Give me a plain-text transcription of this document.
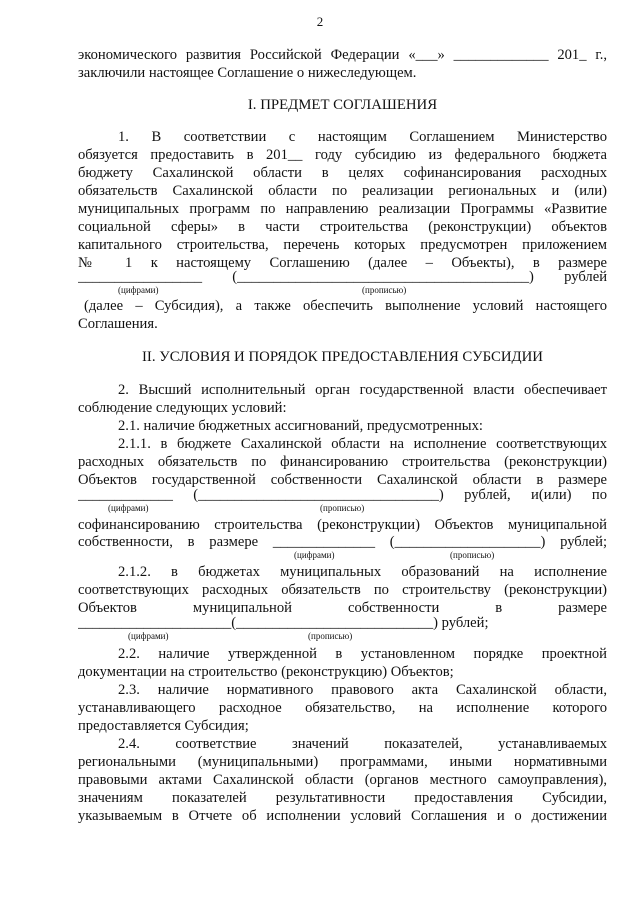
2
экономического развития Российской Федерации «___» _____________ 201_ г.,
заключили настоящее Соглашение о нижеследующем.
I. ПРЕДМЕТ СОГЛАШЕНИЯ
1. В соответствии с настоящим Соглашением Министерство
обязуется предоставить в 201__ году субсидию из федерального бюджета
бюджету Сахалинской области в целях софинансирования расходных
обязательств Сахалинской области по реализации региональных и (или)
муниципальных программ по направлению реализации Программы «Развитие
социальной сферы» в части строительства (реконструкции) объектов
капитального строительства, перечень которых предусмотрен приложением
№ 1 к настоящему Соглашению (далее – Объекты), в размере
_________________ (________________________________________) рублей
(цифрами)	(прописью)
(далее – Субсидия), а также обеспечить выполнение условий настоящего
Соглашения.
II. УСЛОВИЯ И ПОРЯДОК ПРЕДОСТАВЛЕНИЯ СУБСИДИИ
2. Высший исполнительный орган государственной власти обеспечивает
соблюдение следующих условий:
2.1. наличие бюджетных ассигнований, предусмотренных:
2.1.1. в бюджете Сахалинской области на исполнение соответствующих
расходных обязательств по финансированию строительства (реконструкции)
Объектов государственной собственности Сахалинской области в размере
_____________ (_________________________________) рублей, и(или) по
(цифрами)	(прописью)
софинансированию строительства (реконструкции) Объектов муниципальной
собственности, в размере ______________ (____________________) рублей;
(цифрами)	(прописью)
2.1.2. в бюджетах муниципальных образований на исполнение
соответствующих расходных обязательств по строительству (реконструкции)
Объектов муниципальной собственности в размере
_____________________(___________________________) рублей;
(цифрами)	(прописью)
2.2. наличие утвержденной в установленном порядке проектной
документации на строительство (реконструкцию) Объектов;
2.3. наличие нормативного правового акта Сахалинской области,
устанавливающего расходное обязательство, на исполнение которого
предоставляется Субсидия;
2.4. соответствие значений показателей, устанавливаемых
региональными (муниципальными) программами, иными нормативными
правовыми актами Сахалинской области (органов местного самоуправления),
значениям показателей результативности предоставления Субсидии,
указываемым в Отчете об исполнении условий Соглашения и о достижении
